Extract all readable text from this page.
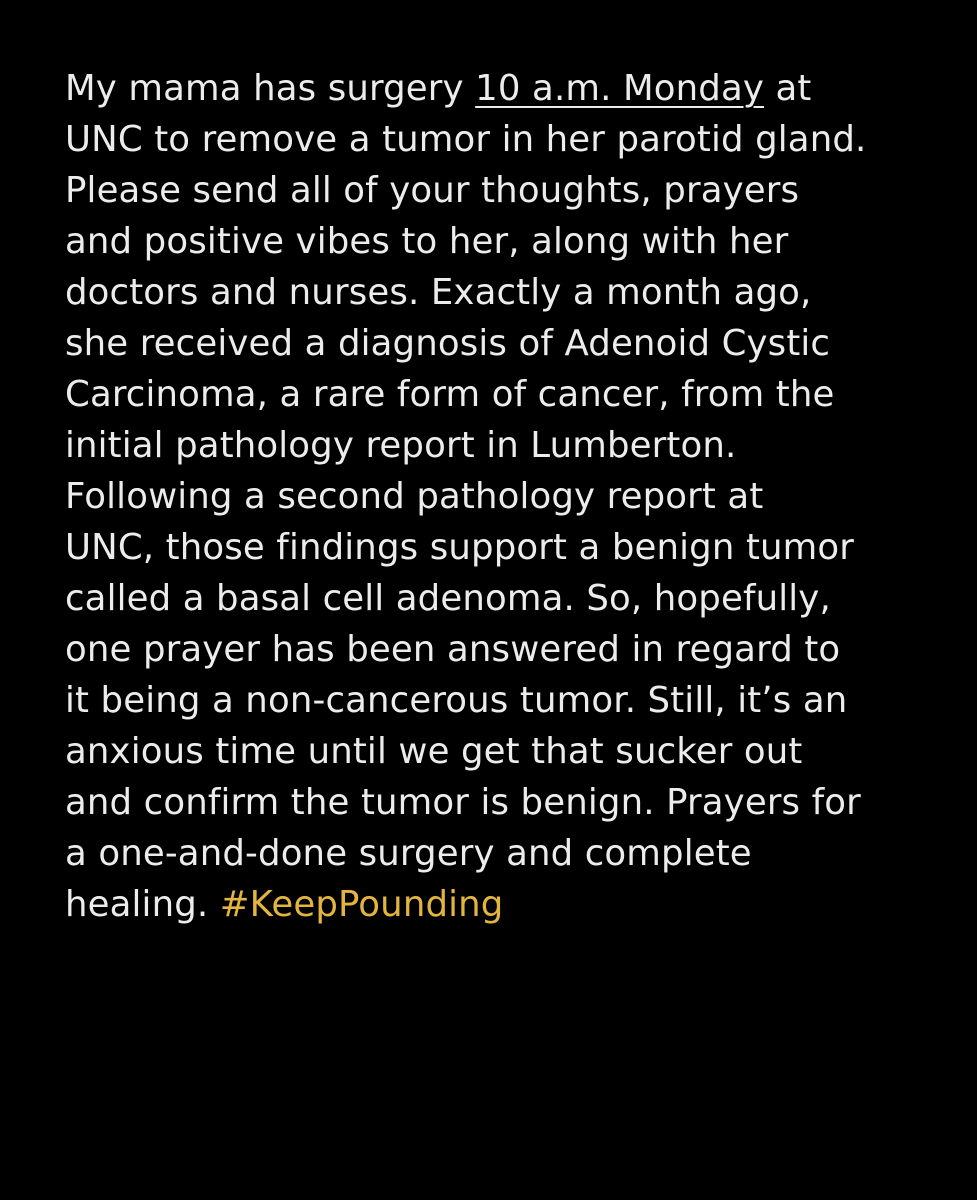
My mama has surgery 10 a.m. Monday at
UNC to remove a tumor in her parotid gland.
Please send all of your thoughts, prayers
and positive vibes to her, along with her
doctors and nurses. Exactly a month ago,
she received a diagnosis of Adenoid Cystic
Carcinoma, a rare form of cancer, from the
initial pathology report in Lumberton.
Following a second pathology report at
UNC, those findings support a benign tumor
called a basal cell adenoma. So, hopefully,
one prayer has been answered in regard to
it being a non-cancerous tumor. Still, it’s an
anxious time until we get that sucker out
and confirm the tumor is benign. Prayers for
a one-and-done surgery and complete
healing. #KeepPounding
